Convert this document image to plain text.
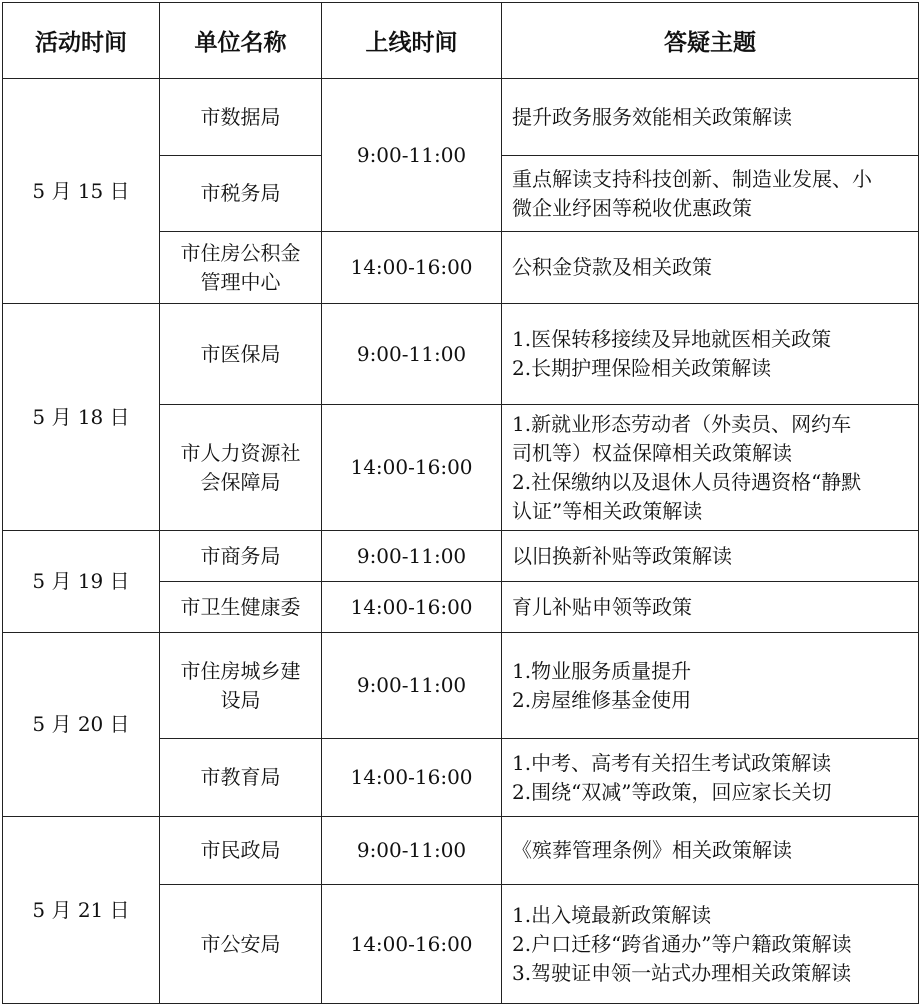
活动时间	单位名称	上线时间	答疑主题
5 月 15 日	市数据局	9:00-11:00	提升政务服务效能相关政策解读

	市税务局		重点解读支持科技创新、制造业发展、小
微企业纾困等税收优惠政策

	市住房公积金
管理中心	14:00-16:00	公积金贷款及相关政策

5 月 18 日	市医保局	9:00-11:00	1.医保转移接续及异地就医相关政策
2.长期护理保险相关政策解读

	市人力资源社
会保障局	14:00-16:00	1.新就业形态劳动者（外卖员、网约车
司机等）权益保障相关政策解读
2.社保缴纳以及退休人员待遇资格“静默
认证”等相关政策解读

5 月 19 日	市商务局	9:00-11:00	以旧换新补贴等政策解读

	市卫生健康委	14:00-16:00	育儿补贴申领等政策

5 月 20 日	市住房城乡建
设局	9:00-11:00	1.物业服务质量提升
2.房屋维修基金使用

	市教育局	14:00-16:00	1.中考、高考有关招生考试政策解读
2.围绕“双减”等政策，回应家长关切

5 月 21 日	市民政局	9:00-11:00	《殡葬管理条例》相关政策解读

	市公安局	14:00-16:00	1.出入境最新政策解读
2.户口迁移“跨省通办”等户籍政策解读
3.驾驶证申领一站式办理相关政策解读
